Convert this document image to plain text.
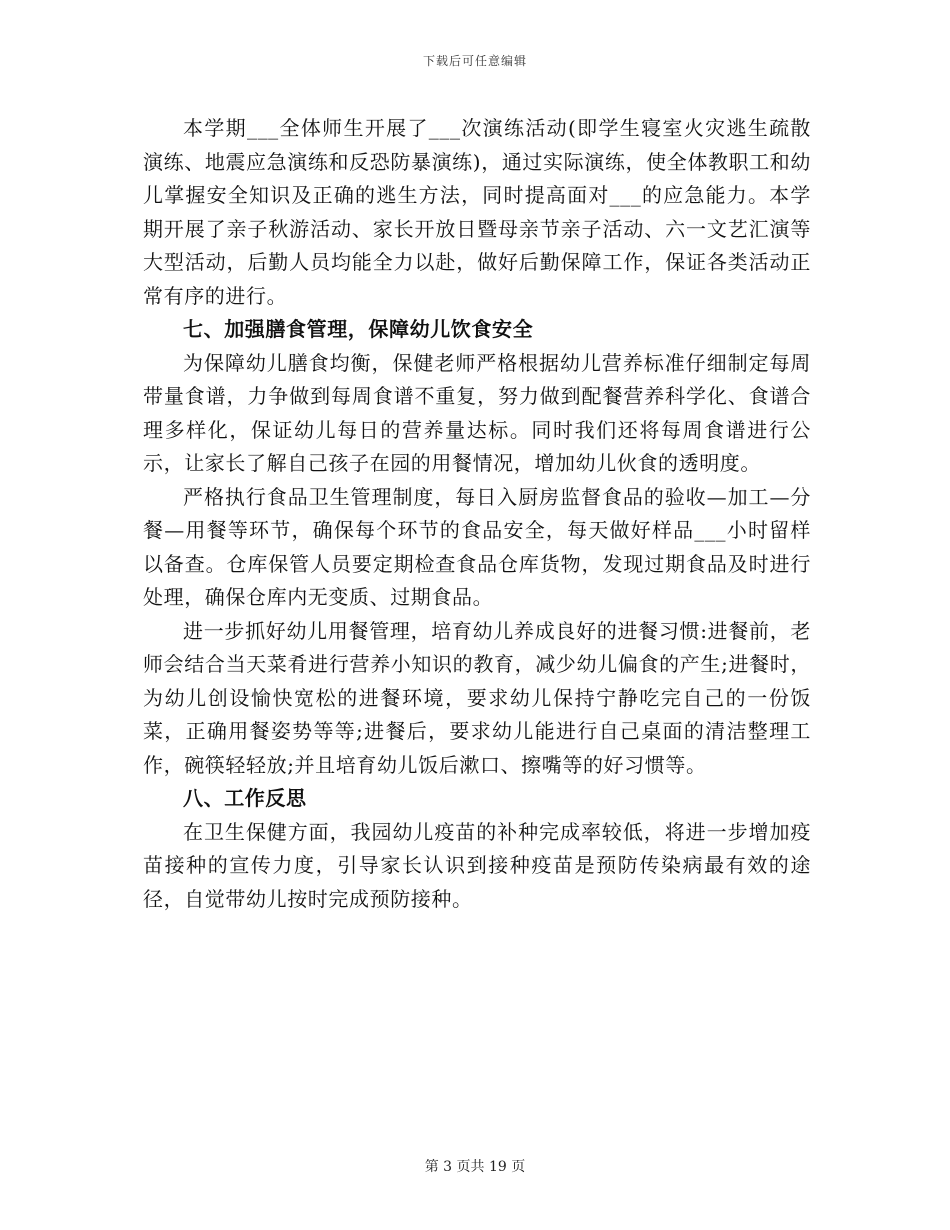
下载后可任意编辑

本学期___全体师生开展了___次演练活动(即学生寝室火灾逃生疏散演练、地震应急演练和反恐防暴演练)，通过实际演练，使全体教职工和幼儿掌握安全知识及正确的逃生方法，同时提高面对___的应急能力。本学期开展了亲子秋游活动、家长开放日暨母亲节亲子活动、六一文艺汇演等大型活动，后勤人员均能全力以赴，做好后勤保障工作，保证各类活动正常有序的进行。

七、加强膳食管理，保障幼儿饮食安全

为保障幼儿膳食均衡，保健老师严格根据幼儿营养标准仔细制定每周带量食谱，力争做到每周食谱不重复，努力做到配餐营养科学化、食谱合理多样化，保证幼儿每日的营养量达标。同时我们还将每周食谱进行公示，让家长了解自己孩子在园的用餐情况，增加幼儿伙食的透明度。

严格执行食品卫生管理制度，每日入厨房监督食品的验收—加工—分餐—用餐等环节，确保每个环节的食品安全，每天做好样品___小时留样以备查。仓库保管人员要定期检查食品仓库货物，发现过期食品及时进行处理，确保仓库内无变质、过期食品。

进一步抓好幼儿用餐管理，培育幼儿养成良好的进餐习惯:进餐前，老师会结合当天菜肴进行营养小知识的教育，减少幼儿偏食的产生;进餐时，为幼儿创设愉快宽松的进餐环境，要求幼儿保持宁静吃完自己的一份饭菜，正确用餐姿势等等;进餐后，要求幼儿能进行自己桌面的清洁整理工作，碗筷轻轻放;并且培育幼儿饭后漱口、擦嘴等的好习惯等。

八、工作反思

在卫生保健方面，我园幼儿疫苗的补种完成率较低，将进一步增加疫苗接种的宣传力度，引导家长认识到接种疫苗是预防传染病最有效的途径，自觉带幼儿按时完成预防接种。

第 3 页共 19 页
